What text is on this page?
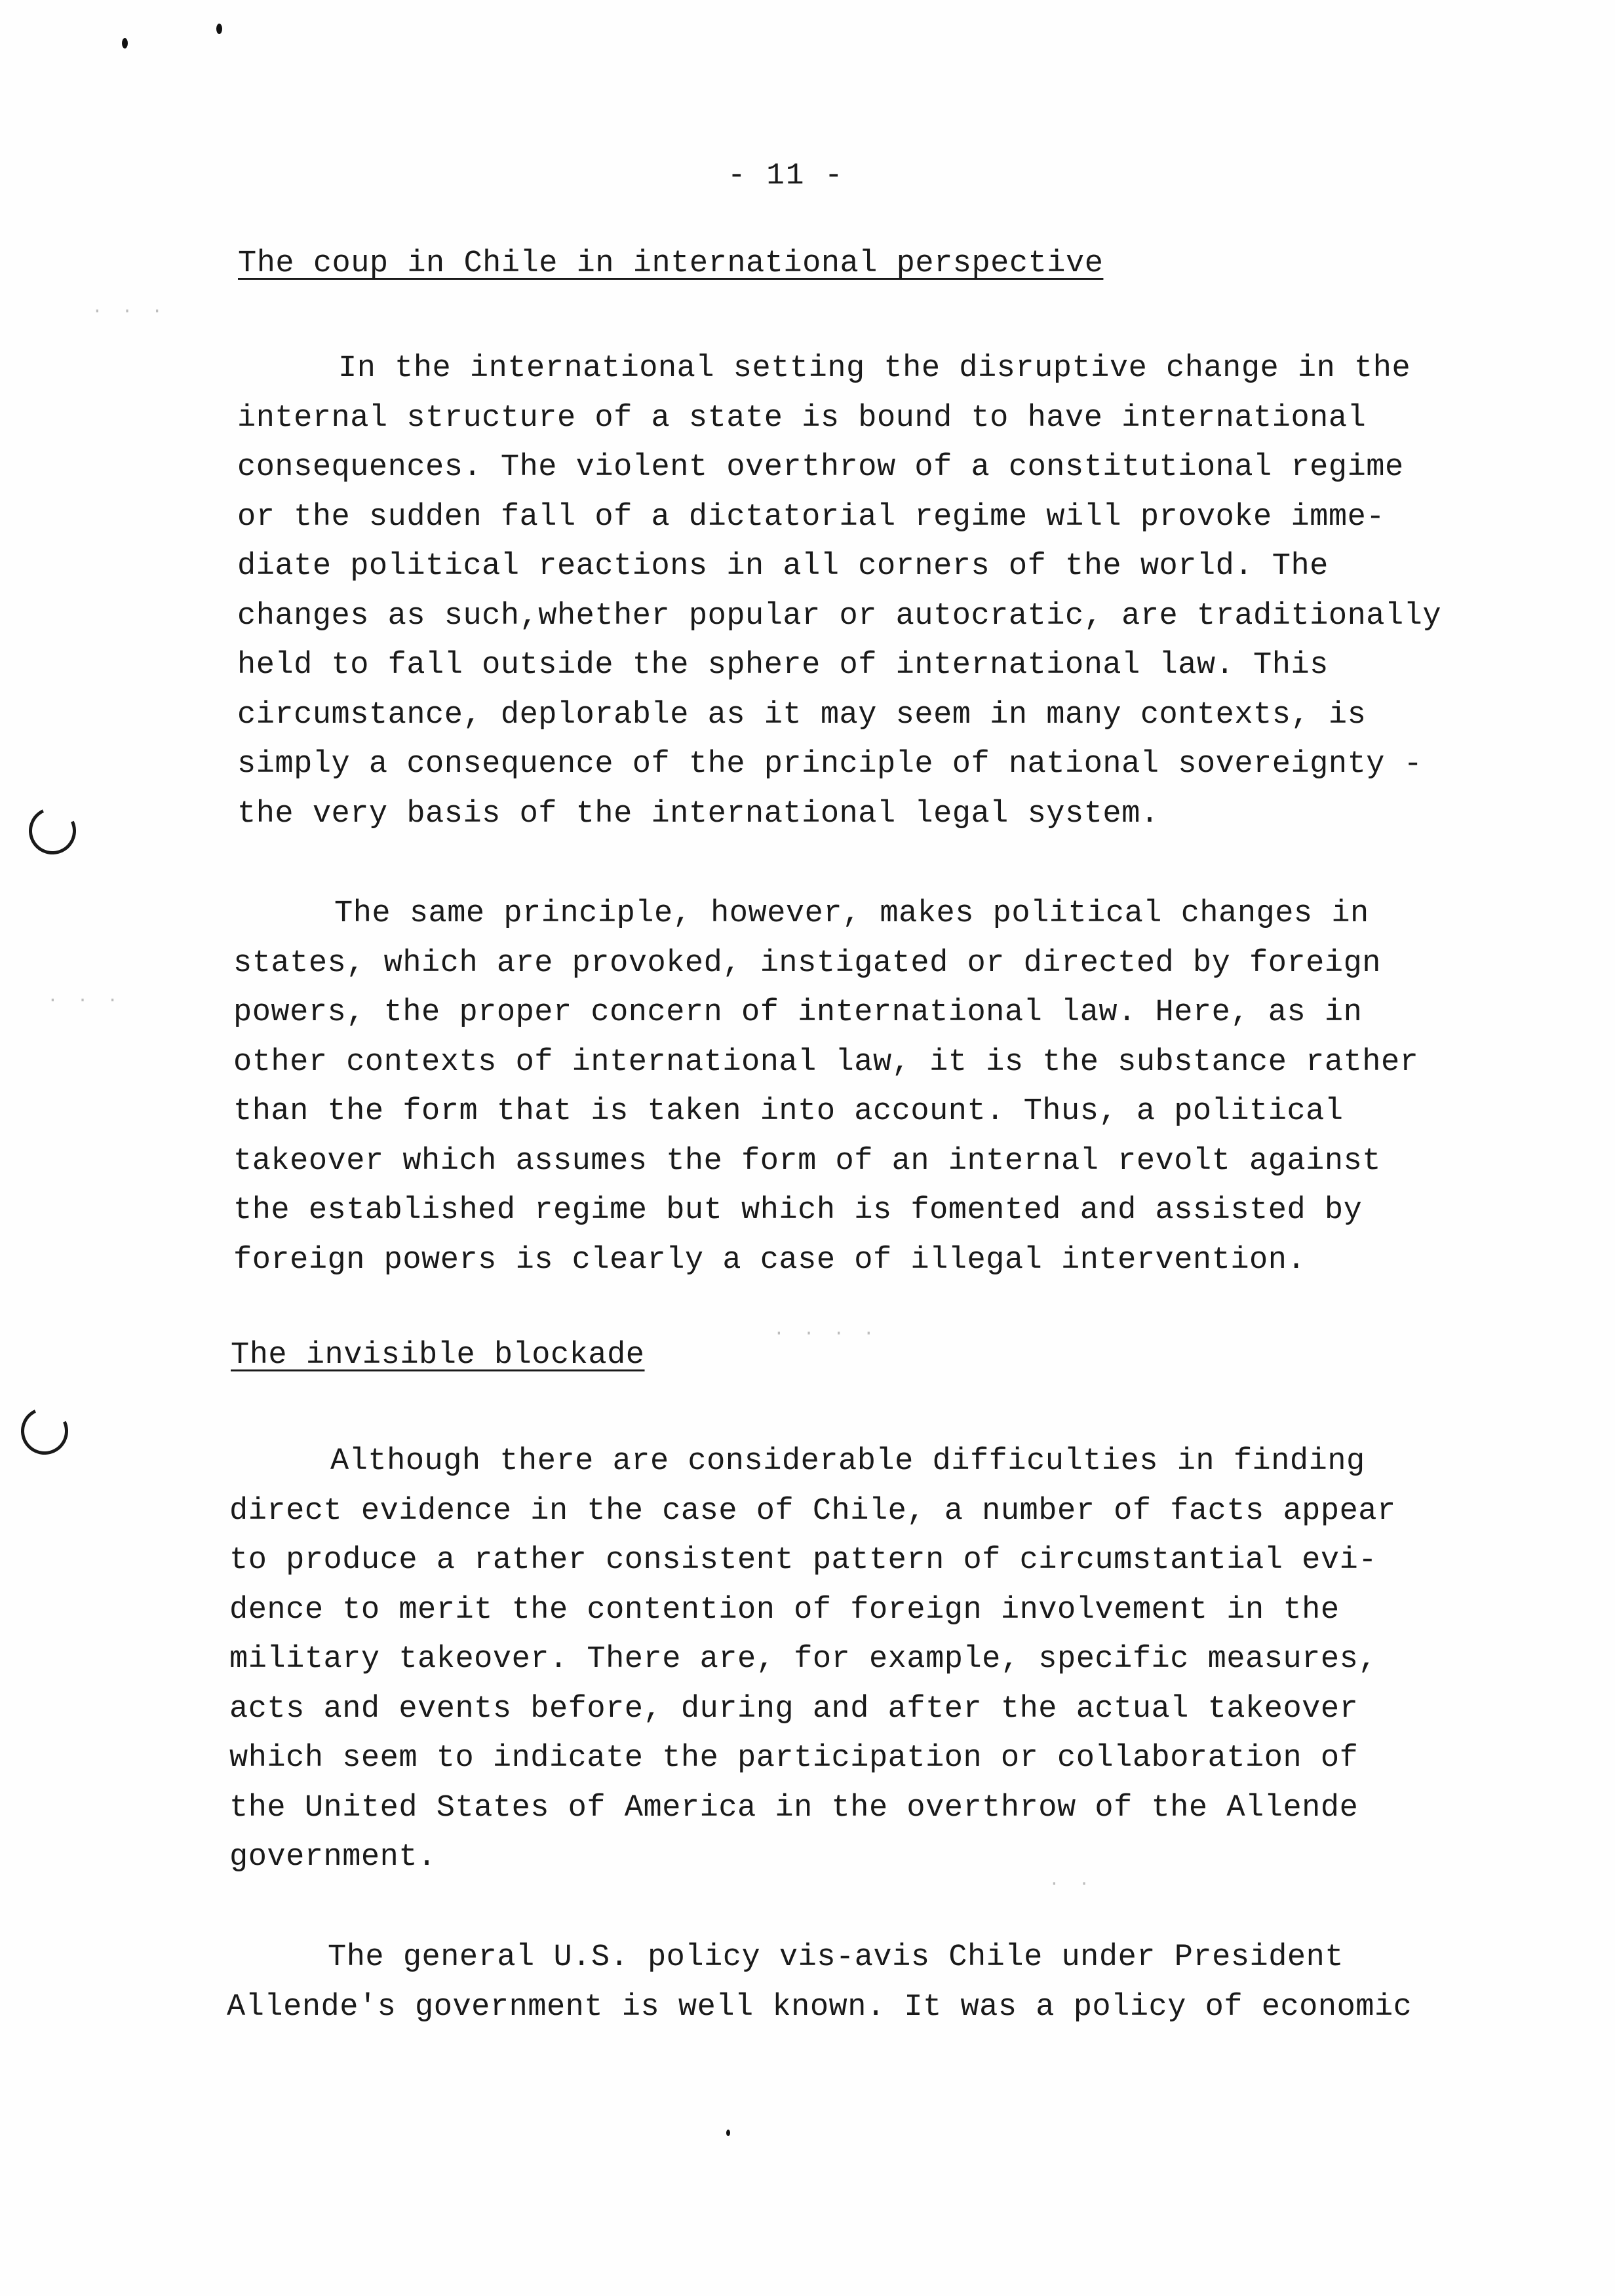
· · ·
∙ ∙ ∙
· · · ·
· ·
- 11 -
The coup in Chile in international perspective

In the international setting the disruptive change in the
internal structure of a state is bound to have international
consequences. The violent overthrow of a constitutional regime
or the sudden fall of a dictatorial regime will provoke imme-
diate political reactions in all corners of the world. The
changes as such,whether popular or autocratic, are traditionally
held to fall outside the sphere of international law. This
circumstance, deplorable as it may seem in many contexts, is
simply a consequence of the principle of national sovereignty -
the very basis of the international legal system.

The same principle, however, makes political changes in
states, which are provoked, instigated or directed by foreign
powers, the proper concern of international law. Here, as in
other contexts of international law, it is the substance rather
than the form that is taken into account. Thus, a political
takeover which assumes the form of an internal revolt against
the established regime but which is fomented and assisted by
foreign powers is clearly a case of illegal intervention.

The invisible blockade

Although there are considerable difficulties in finding
direct evidence in the case of Chile, a number of facts appear
to produce a rather consistent pattern of circumstantial evi-
dence to merit the contention of foreign involvement in the
military takeover. There are, for example, specific measures,
acts and events before, during and after the actual takeover
which seem to indicate the participation or collaboration of
the United States of America in the overthrow of the Allende
government.

The general U.S. policy vis-avis Chile under President
Allende's government is well known. It was a policy of economic
